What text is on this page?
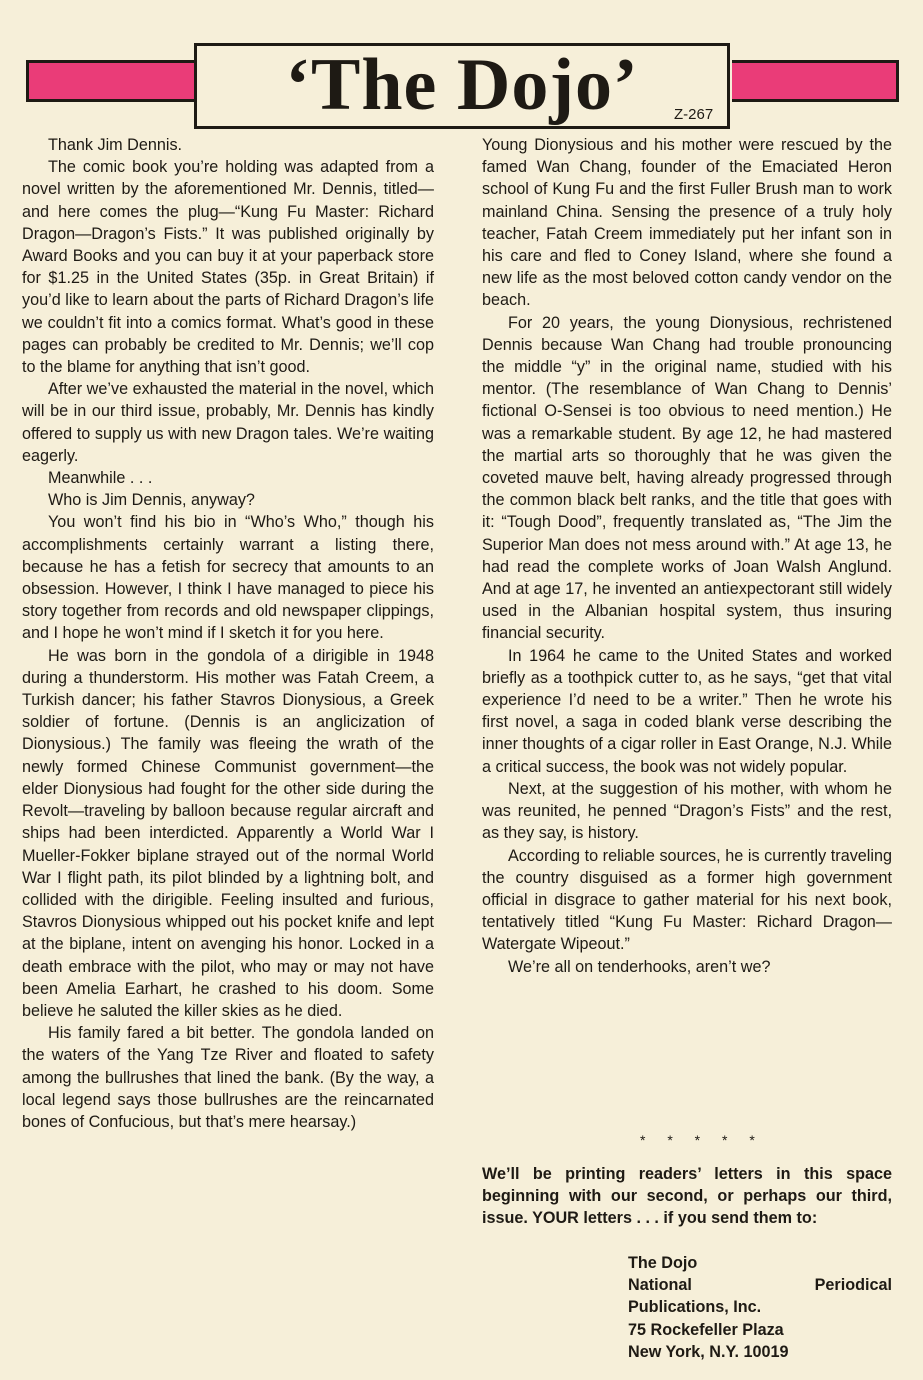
‘The Dojo’	Z-267

Thank Jim Dennis.

The comic book you’re holding was adapted from a novel written by the aforementioned Mr. Dennis, titled—and here comes the plug—“Kung Fu Master: Richard Dragon—Dragon’s Fists.” It was published originally by Award Books and you can buy it at your paperback store for $1.25 in the United States (35p. in Great Britain) if you’d like to learn about the parts of Richard Dragon’s life we couldn’t fit into a comics format. What’s good in these pages can probably be credited to Mr. Dennis; we’ll cop to the blame for anything that isn’t good.

After we’ve exhausted the material in the novel, which will be in our third issue, probably, Mr. Dennis has kindly offered to supply us with new Dragon tales. We’re waiting eagerly.

Meanwhile . . .

Who is Jim Dennis, anyway?

You won’t find his bio in “Who’s Who,” though his accomplishments certainly warrant a listing there, because he has a fetish for secrecy that amounts to an obsession. However, I think I have managed to piece his story together from records and old newspaper clippings, and I hope he won’t mind if I sketch it for you here.

He was born in the gondola of a dirigible in 1948 during a thunderstorm. His mother was Fatah Creem, a Turkish dancer; his father Stavros Dionysious, a Greek soldier of fortune. (Dennis is an anglicization of Dionysious.) The family was fleeing the wrath of the newly formed Chinese Communist government—the elder Dionysious had fought for the other side during the Revolt—traveling by balloon because regular aircraft and ships had been interdicted. Apparently a World War I Mueller-Fokker biplane strayed out of the normal World War I flight path, its pilot blinded by a lightning bolt, and collided with the dirigible. Feeling insulted and furious, Stavros Dionysious whipped out his pocket knife and lept at the biplane, intent on avenging his honor. Locked in a death embrace with the pilot, who may or may not have been Amelia Earhart, he crashed to his doom. Some believe he saluted the killer skies as he died.

His family fared a bit better. The gondola landed on the waters of the Yang Tze River and floated to safety among the bullrushes that lined the bank. (By the way, a local legend says those bullrushes are the reincarnated bones of Confucious, but that’s mere hearsay.)

Young Dionysious and his mother were rescued by the famed Wan Chang, founder of the Emaciated Heron school of Kung Fu and the first Fuller Brush man to work mainland China. Sensing the presence of a truly holy teacher, Fatah Creem immediately put her infant son in his care and fled to Coney Island, where she found a new life as the most beloved cotton candy vendor on the beach.

For 20 years, the young Dionysious, rechristened Dennis because Wan Chang had trouble pronouncing the middle “y” in the original name, studied with his mentor. (The resemblance of Wan Chang to Dennis’ fictional O-Sensei is too obvious to need mention.) He was a remarkable student. By age 12, he had mastered the martial arts so thoroughly that he was given the coveted mauve belt, having already progressed through the common black belt ranks, and the title that goes with it: “Tough Dood”, frequently translated as, “The Jim the Superior Man does not mess around with.” At age 13, he had read the complete works of Joan Walsh Anglund. And at age 17, he invented an antiexpectorant still widely used in the Albanian hospital system, thus insuring financial security.

In 1964 he came to the United States and worked briefly as a toothpick cutter to, as he says, “get that vital experience I’d need to be a writer.” Then he wrote his first novel, a saga in coded blank verse describing the inner thoughts of a cigar roller in East Orange, N.J. While a critical success, the book was not widely popular.

Next, at the suggestion of his mother, with whom he was reunited, he penned “Dragon’s Fists” and the rest, as they say, is history.

According to reliable sources, he is currently traveling the country disguised as a former high government official in disgrace to gather material for his next book, tentatively titled “Kung Fu Master: Richard Dragon—Watergate Wipeout.”

We’re all on tenderhooks, aren’t we?

* * * * *
We’ll be printing readers’ letters in this space beginning with our second, or perhaps our third, issue. YOUR letters . . . if you send them to:
The Dojo
National	Periodical
Publications, Inc.
75 Rockefeller Plaza
New York, N.Y. 10019
